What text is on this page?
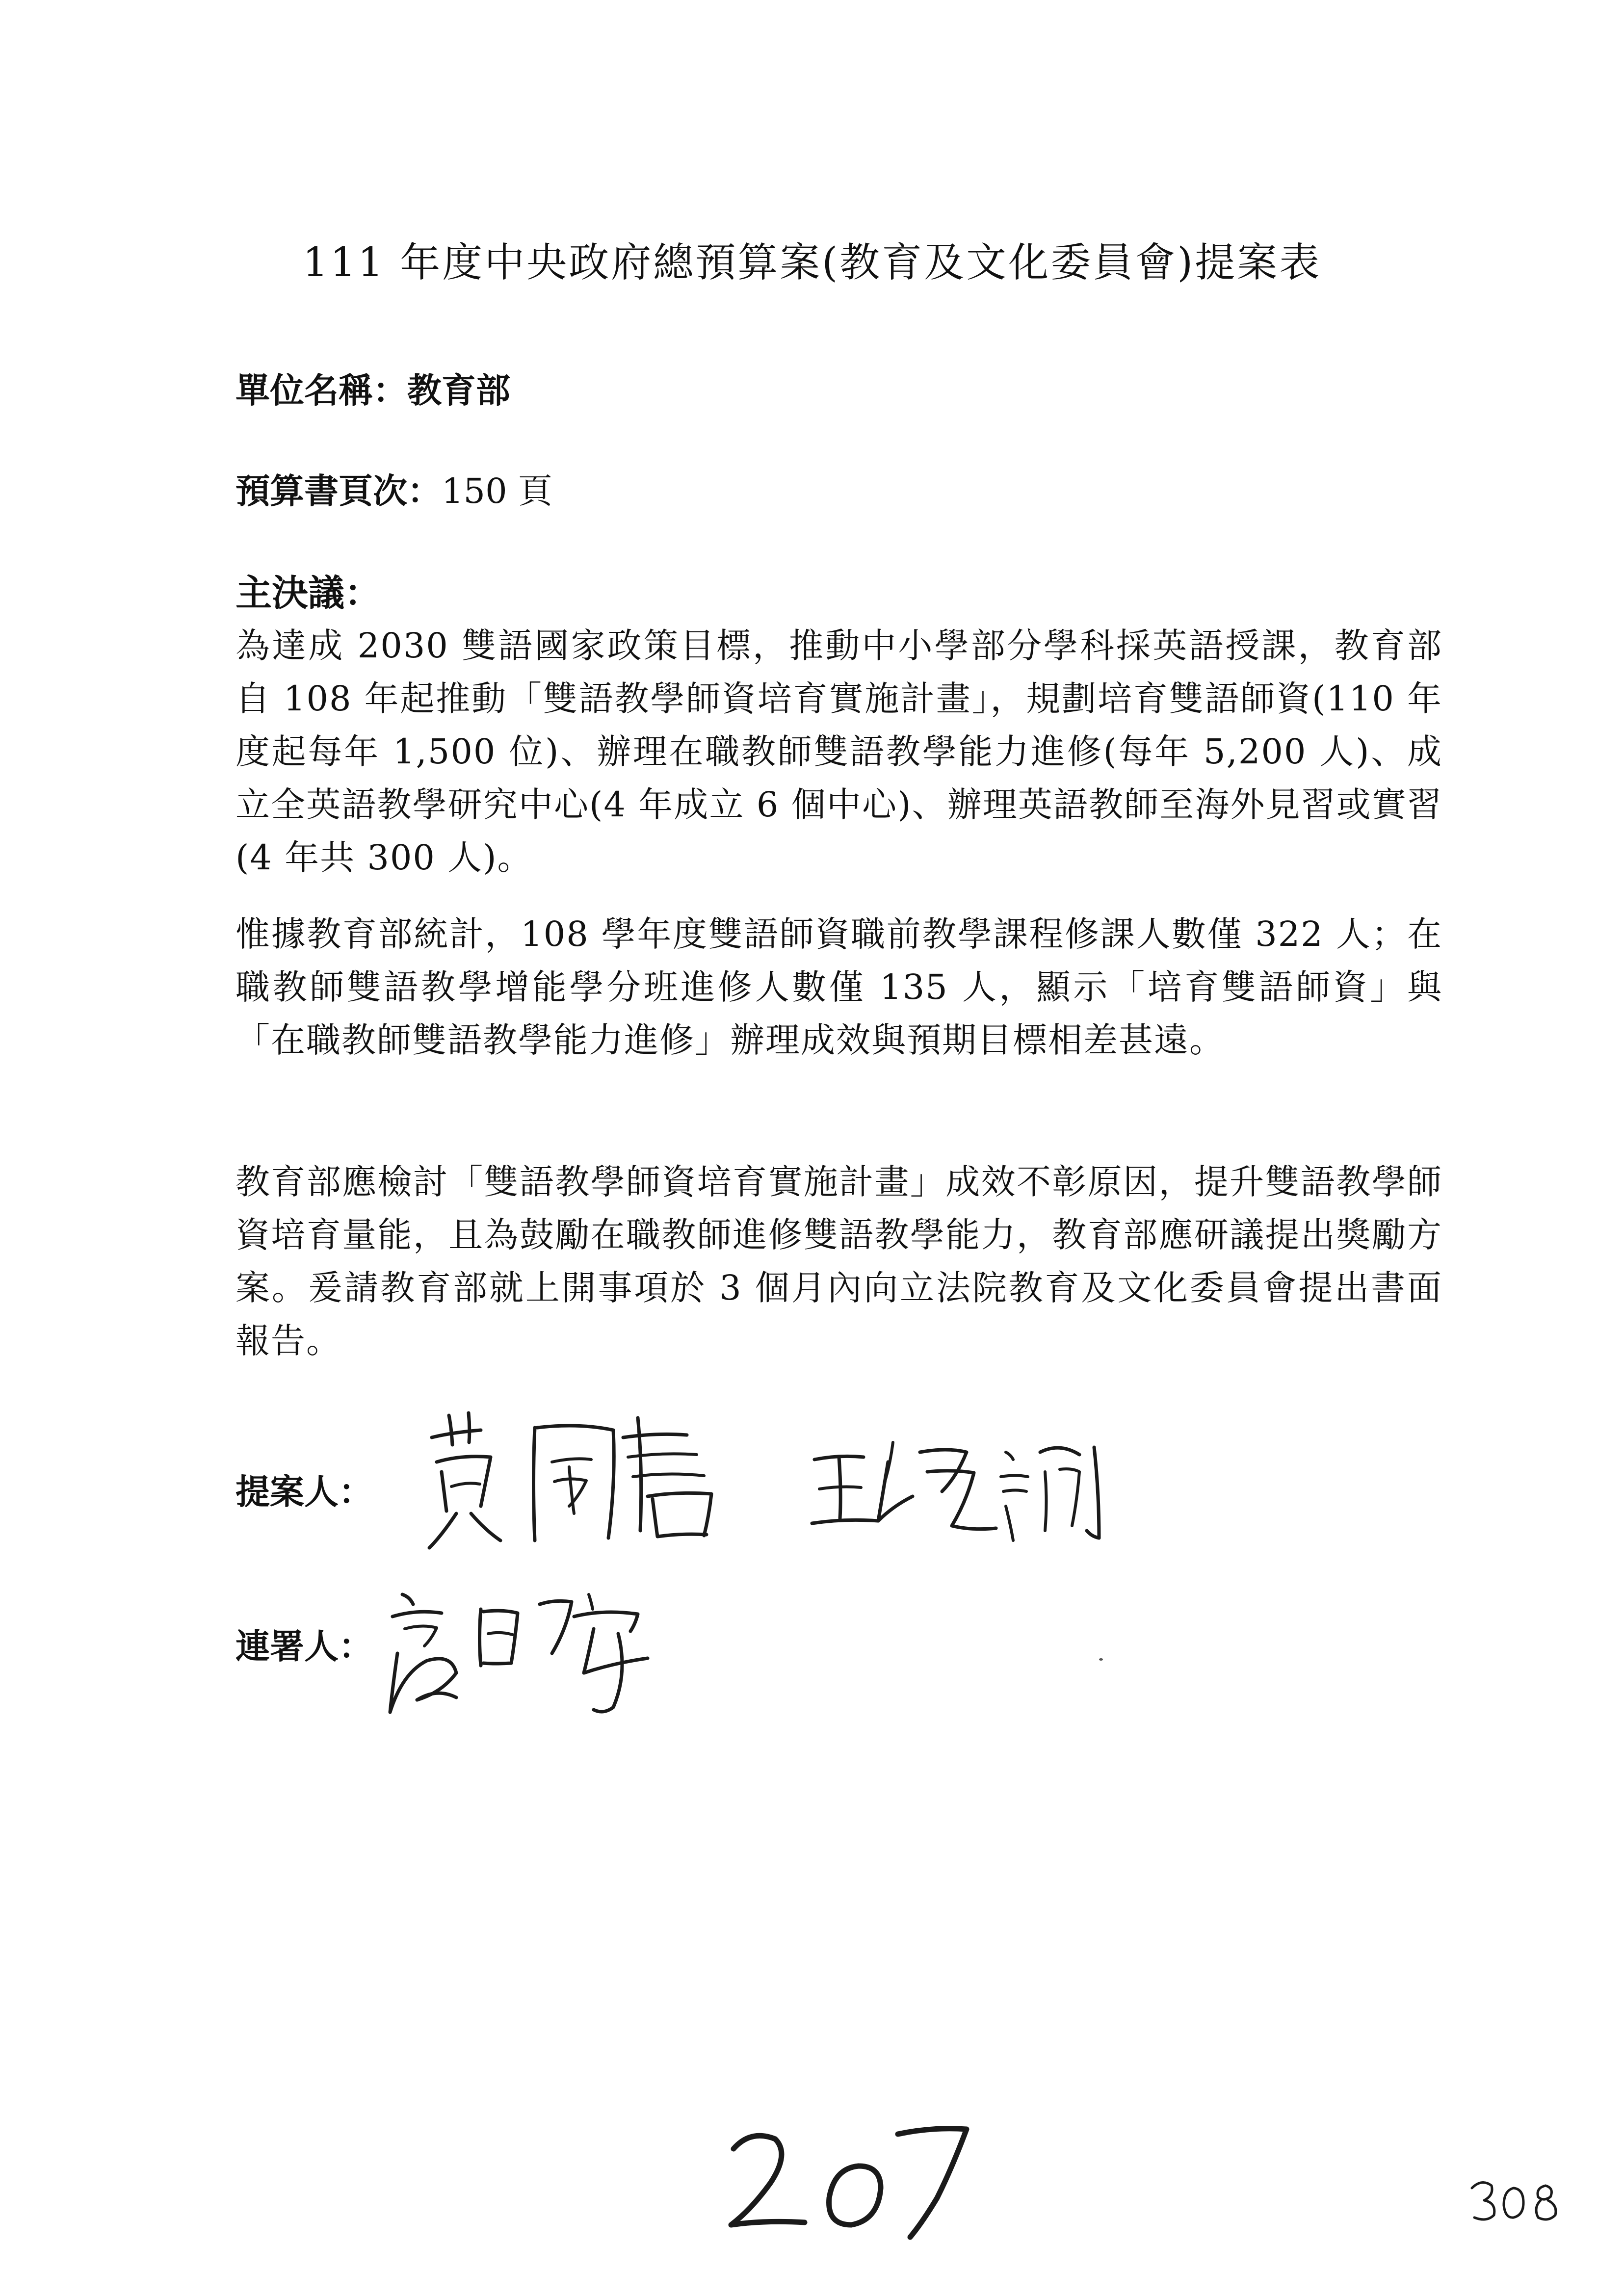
111 年度中央政府總預算案(教育及文化委員會)提案表
單位名稱：教育部
預算書頁次：150 頁
主決議：
為達成 2030 雙語國家政策目標，推動中小學部分學科採英語授課，教育部自 108 年起推動「雙語教學師資培育實施計畫」，規劃培育雙語師資(110 年度起每年 1,500 位)、辦理在職教師雙語教學能力進修(每年 5,200 人)、成立全英語教學研究中心(4 年成立 6 個中心)、辦理英語教師至海外見習或實習(4 年共 300 人)。
惟據教育部統計，108 學年度雙語師資職前教學課程修課人數僅 322 人；在職教師雙語教學增能學分班進修人數僅 135 人，顯示「培育雙語師資」與「在職教師雙語教學能力進修」辦理成效與預期目標相差甚遠。
教育部應檢討「雙語教學師資培育實施計畫」成效不彰原因，提升雙語教學師資培育量能，且為鼓勵在職教師進修雙語教學能力，教育部應研議提出獎勵方案。爰請教育部就上開事項於 3 個月內向立法院教育及文化委員會提出書面報告。
提案人：
連署人：
